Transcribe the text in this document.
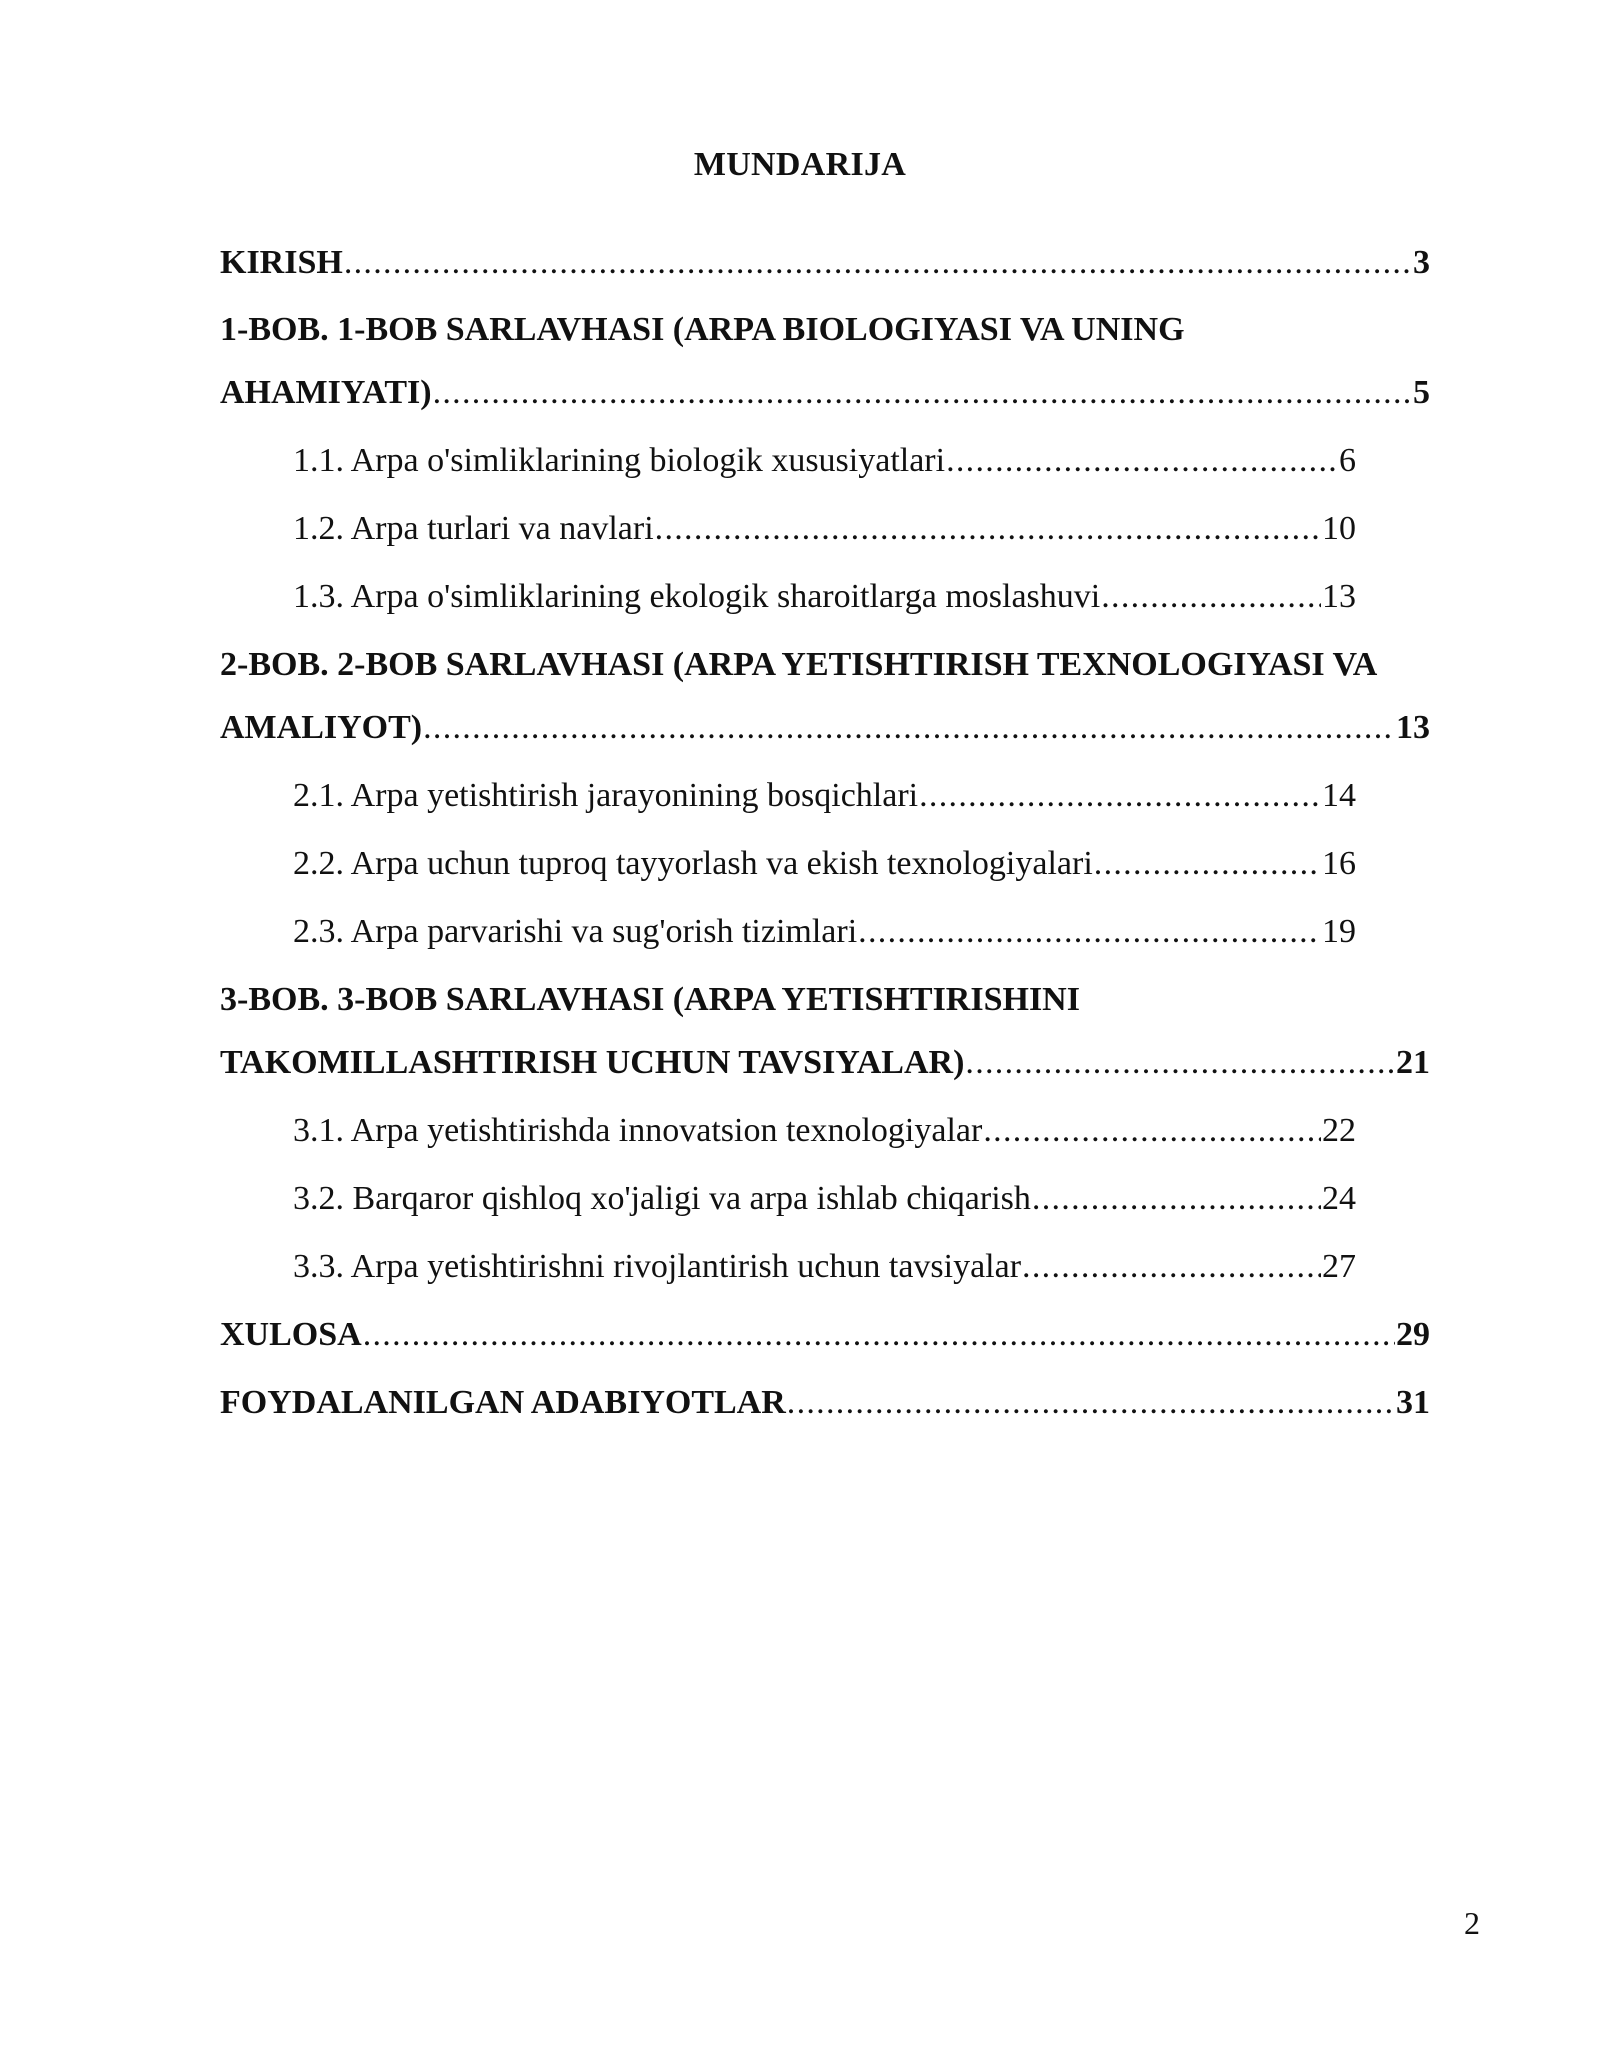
MUNDARIJA
KIRISH . . .	3
1-BOB. 1-BOB SARLAVHASI (ARPA BIOLOGIYASI VA UNING
AHAMIYATI) . . .	5
1.1. Arpa o'simliklarining biologik xususiyatlari . . .	6
1.2. Arpa turlari va navlari . . .	10
1.3. Arpa o'simliklarining ekologik sharoitlarga moslashuvi . . .	13
2-BOB. 2-BOB SARLAVHASI (ARPA YETISHTIRISH TEXNOLOGIYASI VA
AMALIYOT) . . .	13
2.1. Arpa yetishtirish jarayonining bosqichlari . . .	14
2.2. Arpa uchun tuproq tayyorlash va ekish texnologiyalari . . .	16
2.3. Arpa parvarishi va sug'orish tizimlari . . .	19
3-BOB. 3-BOB SARLAVHASI (ARPA YETISHTIRISHINI
TAKOMILLASHTIRISH UCHUN TAVSIYALAR) . . .	21
3.1. Arpa yetishtirishda innovatsion texnologiyalar . . .	22
3.2. Barqaror qishloq xo'jaligi va arpa ishlab chiqarish . . .	24
3.3. Arpa yetishtirishni rivojlantirish uchun tavsiyalar . . .	27
XULOSA . . .	29
FOYDALANILGAN ADABIYOTLAR . . .	31
2
